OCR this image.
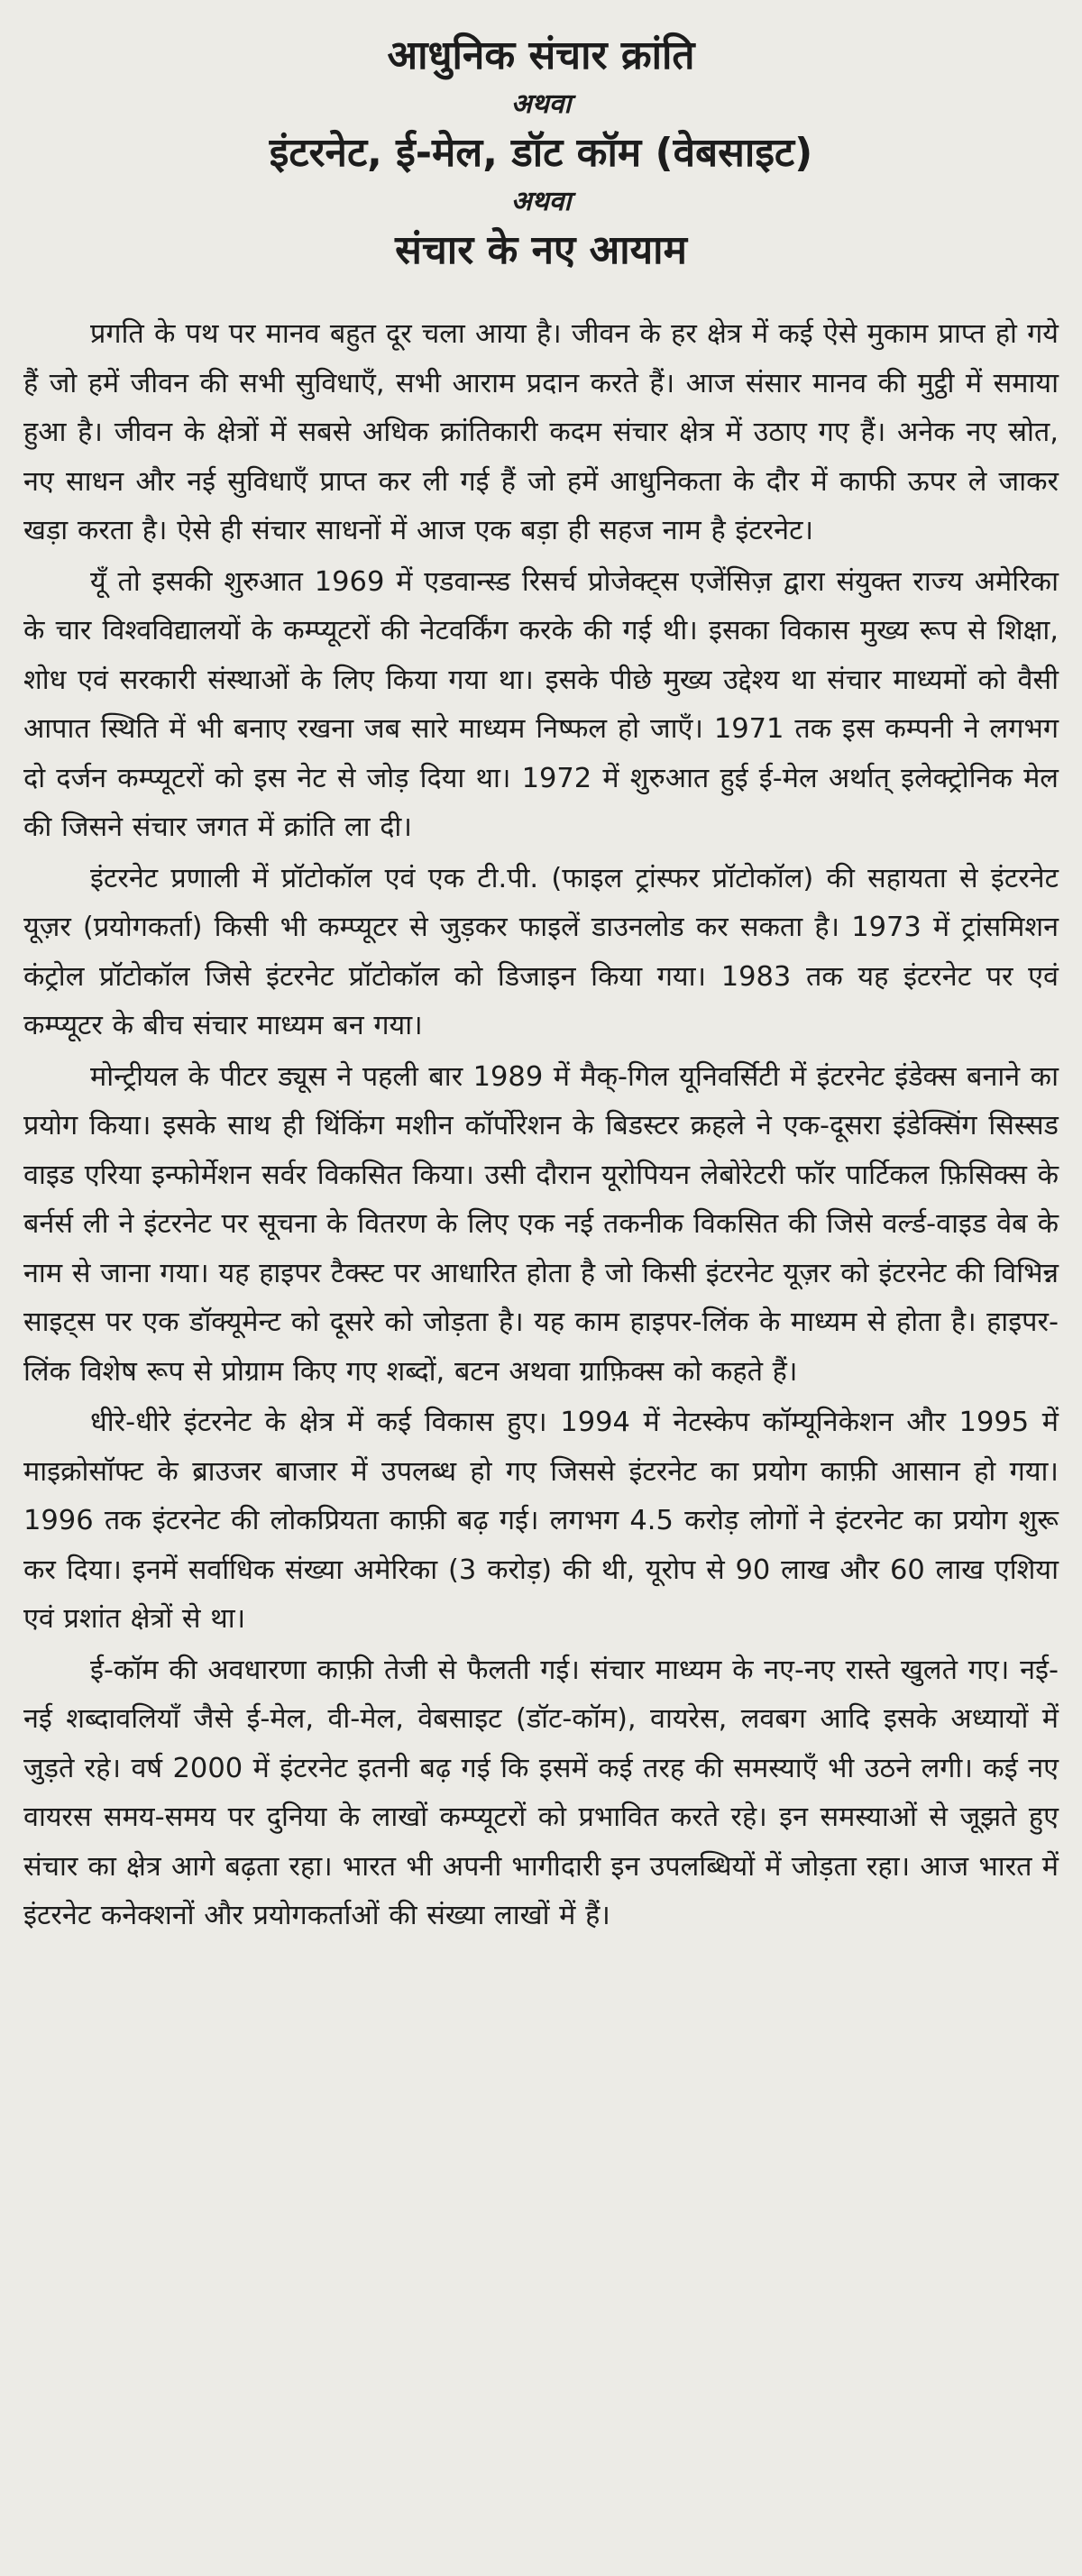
आधुनिक संचार क्रांति

अथवा

इंटरनेट, ई-मेल, डॉट कॉम (वेबसाइट)

अथवा

संचार के नए आयाम

प्रगति के पथ पर मानव बहुत दूर चला आया है। जीवन के हर क्षेत्र में कई ऐसे मुकाम प्राप्त हो गये हैं जो हमें जीवन की सभी सुविधाएँ, सभी आराम प्रदान करते हैं। आज संसार मानव की मुट्ठी में समाया हुआ है। जीवन के क्षेत्रों में सबसे अधिक क्रांतिकारी कदम संचार क्षेत्र में उठाए गए हैं। अनेक नए स्रोत, नए साधन और नई सुविधाएँ प्राप्त कर ली गई हैं जो हमें आधुनिकता के दौर में काफी ऊपर ले जाकर खड़ा करता है। ऐसे ही संचार साधनों में आज एक बड़ा ही सहज नाम है इंटरनेट।

यूँ तो इसकी शुरुआत 1969 में एडवान्स्ड रिसर्च प्रोजेक्ट्स एजेंसिज़ द्वारा संयुक्त राज्य अमेरिका के चार विश्वविद्यालयों के कम्प्यूटरों की नेटवर्किंग करके की गई थी। इसका विकास मुख्य रूप से शिक्षा, शोध एवं सरकारी संस्थाओं के लिए किया गया था। इसके पीछे मुख्य उद्देश्य था संचार माध्यमों को वैसी आपात स्थिति में भी बनाए रखना जब सारे माध्यम निष्फल हो जाएँ। 1971 तक इस कम्पनी ने लगभग दो दर्जन कम्प्यूटरों को इस नेट से जोड़ दिया था। 1972 में शुरुआत हुई ई-मेल अर्थात् इलेक्ट्रोनिक मेल की जिसने संचार जगत में क्रांति ला दी।

इंटरनेट प्रणाली में प्रॉटोकॉल एवं एक टी.पी. (फाइल ट्रांस्फर प्रॉटोकॉल) की सहायता से इंटरनेट यूज़र (प्रयोगकर्ता) किसी भी कम्प्यूटर से जुड़कर फाइलें डाउनलोड कर सकता है। 1973 में ट्रांसमिशन कंट्रोल प्रॉटोकॉल जिसे इंटरनेट प्रॉटोकॉल को डिजाइन किया गया। 1983 तक यह इंटरनेट पर एवं कम्प्यूटर के बीच संचार माध्यम बन गया।

मोन्ट्रीयल के पीटर ड्यूस ने पहली बार 1989 में मैक्-गिल यूनिवर्सिटी में इंटरनेट इंडेक्स बनाने का प्रयोग किया। इसके साथ ही थिंकिंग मशीन कॉर्पोरेशन के बिडस्टर क्रहले ने एक-दूसरा इंडेक्सिंग सिस्सड वाइड एरिया इन्फोर्मेशन सर्वर विकसित किया। उसी दौरान यूरोपियन लेबोरेटरी फॉर पार्टिकल फ़िसिक्स के बर्नर्स ली ने इंटरनेट पर सूचना के वितरण के लिए एक नई तकनीक विकसित की जिसे वर्ल्ड-वाइड वेब के नाम से जाना गया। यह हाइपर टैक्स्ट पर आधारित होता है जो किसी इंटरनेट यूज़र को इंटरनेट की विभिन्न साइट्स पर एक डॉक्यूमेन्ट को दूसरे को जोड़ता है। यह काम हाइपर-लिंक के माध्यम से होता है। हाइपर-लिंक विशेष रूप से प्रोग्राम किए गए शब्दों, बटन अथवा ग्राफ़िक्स को कहते हैं।

धीरे-धीरे इंटरनेट के क्षेत्र में कई विकास हुए। 1994 में नेटस्केप कॉम्यूनिकेशन और 1995 में माइक्रोसॉफ्ट के ब्राउजर बाजार में उपलब्ध हो गए जिससे इंटरनेट का प्रयोग काफ़ी आसान हो गया। 1996 तक इंटरनेट की लोकप्रियता काफ़ी बढ़ गई। लगभग 4.5 करोड़ लोगों ने इंटरनेट का प्रयोग शुरू कर दिया। इनमें सर्वाधिक संख्या अमेरिका (3 करोड़) की थी, यूरोप से 90 लाख और 60 लाख एशिया एवं प्रशांत क्षेत्रों से था।

ई-कॉम की अवधारणा काफ़ी तेजी से फैलती गई। संचार माध्यम के नए-नए रास्ते खुलते गए। नई-नई शब्दावलियाँ जैसे ई-मेल, वी-मेल, वेबसाइट (डॉट-कॉम), वायरेस, लवबग आदि इसके अध्यायों में जुड़ते रहे। वर्ष 2000 में इंटरनेट इतनी बढ़ गई कि इसमें कई तरह की समस्याएँ भी उठने लगी। कई नए वायरस समय-समय पर दुनिया के लाखों कम्प्यूटरों को प्रभावित करते रहे। इन समस्याओं से जूझते हुए संचार का क्षेत्र आगे बढ़ता रहा। भारत भी अपनी भागीदारी इन उपलब्धियों में जोड़ता रहा। आज भारत में इंटरनेट कनेक्शनों और प्रयोगकर्ताओं की संख्या लाखों में हैं।
